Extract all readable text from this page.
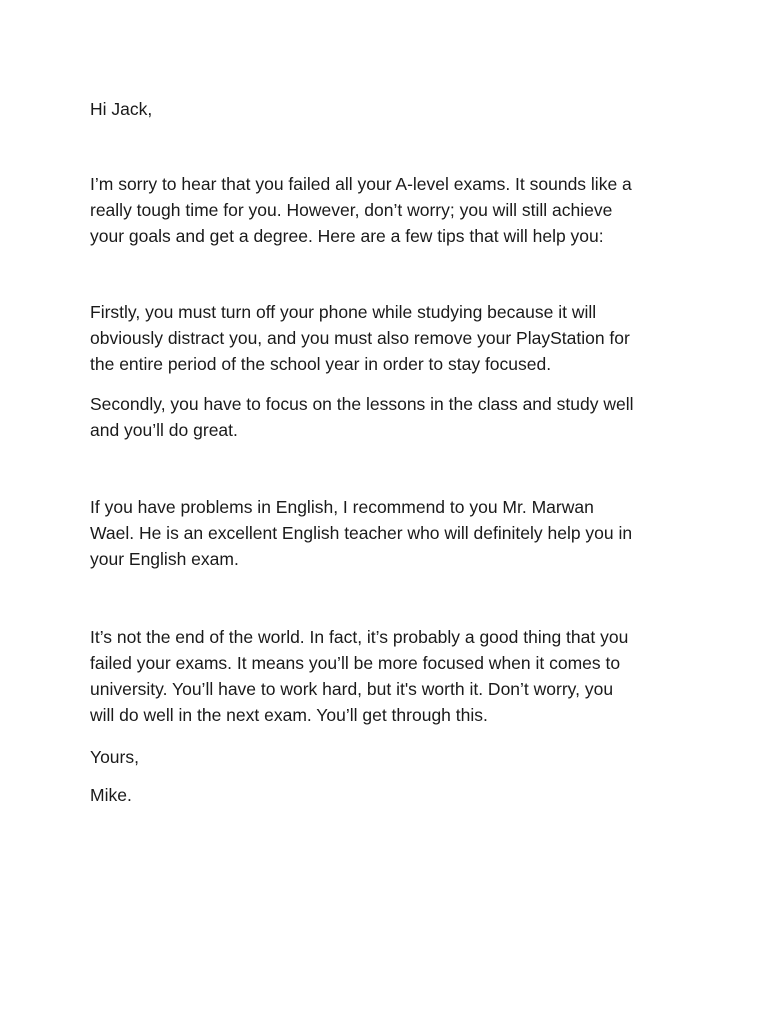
Hi Jack,

I’m sorry to hear that you failed all your A-level exams. It sounds like a
really tough time for you. However, don’t worry; you will still achieve
your goals and get a degree. Here are a few tips that will help you:

Firstly, you must turn off your phone while studying because it will
obviously distract you, and you must also remove your PlayStation for
the entire period of the school year in order to stay focused.

Secondly, you have to focus on the lessons in the class and study well
and you’ll do great.

If you have problems in English, I recommend to you Mr. Marwan
Wael. He is an excellent English teacher who will definitely help you in
your English exam.

It’s not the end of the world. In fact, it’s probably a good thing that you
failed your exams. It means you’ll be more focused when it comes to
university. You’ll have to work hard, but it's worth it. Don’t worry, you
will do well in the next exam. You’ll get through this.

Yours,

Mike.
